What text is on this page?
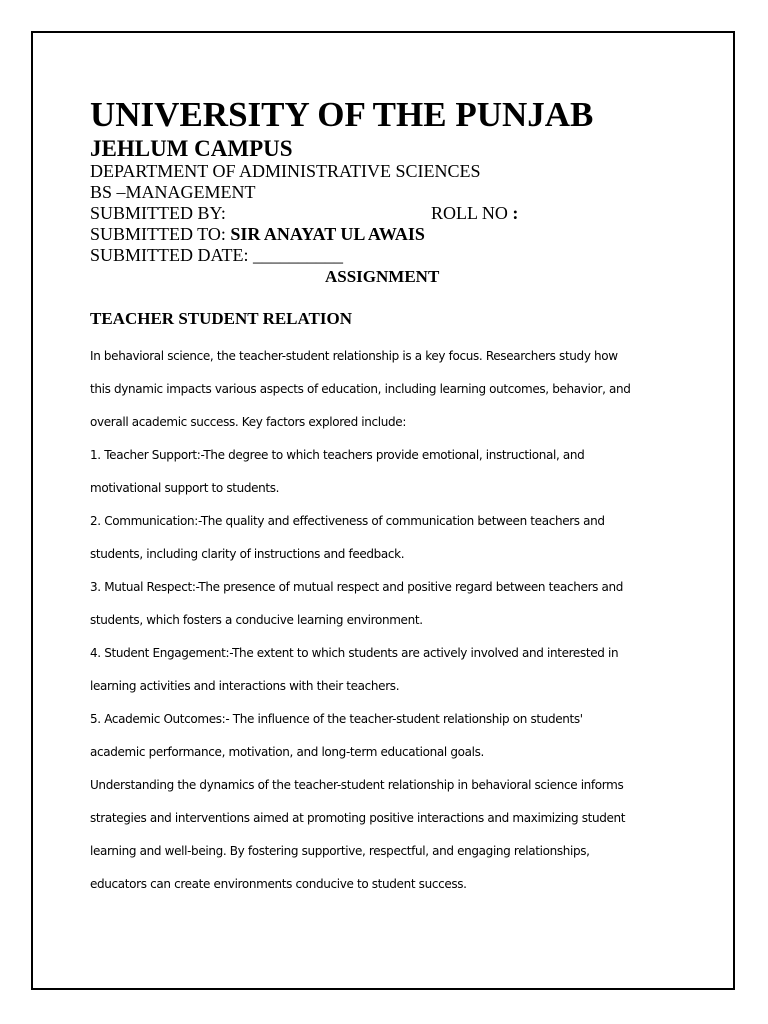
UNIVERSITY OF THE PUNJAB
JEHLUM CAMPUS
DEPARTMENT OF ADMINISTRATIVE SCIENCES
BS –MANAGEMENT
SUBMITTED BY:	ROLL NO :
SUBMITTED TO: SIR ANAYAT UL AWAIS
SUBMITTED DATE: __________
ASSIGNMENT
TEACHER STUDENT RELATION

In behavioral science, the teacher-student relationship is a key focus. Researchers study how

this dynamic impacts various aspects of education, including learning outcomes, behavior, and

overall academic success. Key factors explored include:

1. Teacher Support:-The degree to which teachers provide emotional, instructional, and

motivational support to students.

2. Communication:-The quality and effectiveness of communication between teachers and

students, including clarity of instructions and feedback.

3. Mutual Respect:-The presence of mutual respect and positive regard between teachers and

students, which fosters a conducive learning environment.

4. Student Engagement:-The extent to which students are actively involved and interested in

learning activities and interactions with their teachers.

5. Academic Outcomes:- The influence of the teacher-student relationship on students'

academic performance, motivation, and long-term educational goals.

Understanding the dynamics of the teacher-student relationship in behavioral science informs

strategies and interventions aimed at promoting positive interactions and maximizing student

learning and well-being. By fostering supportive, respectful, and engaging relationships,

educators can create environments conducive to student success.
